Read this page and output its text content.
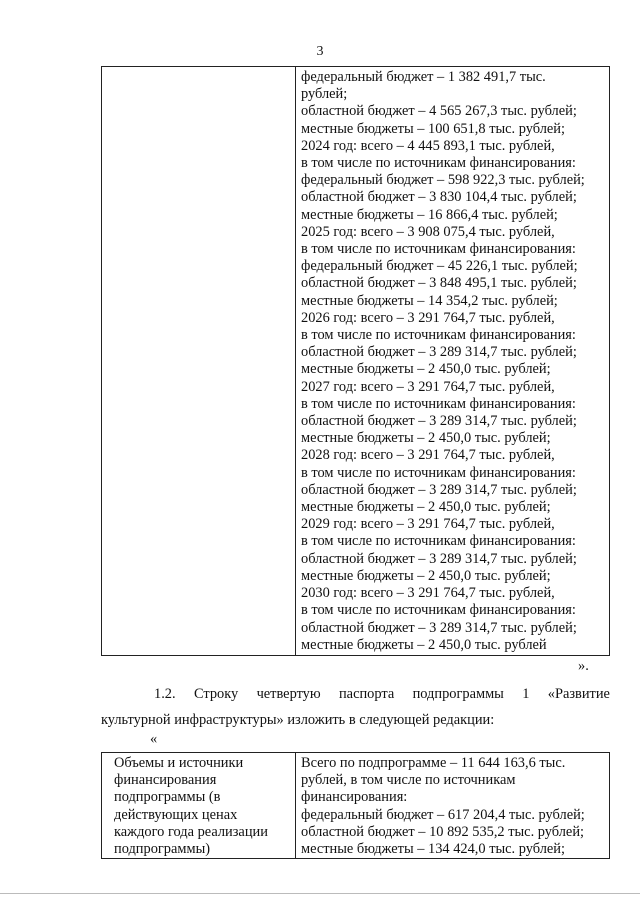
3

федеральный бюджет – 1 382 491,7 тыс.
рублей;
областной бюджет – 4 565 267,3 тыс. рублей;
местные бюджеты – 100 651,8 тыс. рублей;
2024 год: всего – 4 445 893,1 тыс. рублей,
в том числе по источникам финансирования:
федеральный бюджет – 598 922,3 тыс. рублей;
областной бюджет – 3 830 104,4 тыс. рублей;
местные бюджеты – 16 866,4 тыс. рублей;
2025 год: всего – 3 908 075,4 тыс. рублей,
в том числе по источникам финансирования:
федеральный бюджет – 45 226,1 тыс. рублей;
областной бюджет – 3 848 495,1 тыс. рублей;
местные бюджеты – 14 354,2 тыс. рублей;
2026 год: всего – 3 291 764,7 тыс. рублей,
в том числе по источникам финансирования:
областной бюджет – 3 289 314,7 тыс. рублей;
местные бюджеты – 2 450,0 тыс. рублей;
2027 год: всего – 3 291 764,7 тыс. рублей,
в том числе по источникам финансирования:
областной бюджет – 3 289 314,7 тыс. рублей;
местные бюджеты – 2 450,0 тыс. рублей;
2028 год: всего – 3 291 764,7 тыс. рублей,
в том числе по источникам финансирования:
областной бюджет – 3 289 314,7 тыс. рублей;
местные бюджеты – 2 450,0 тыс. рублей;
2029 год: всего – 3 291 764,7 тыс. рублей,
в том числе по источникам финансирования:
областной бюджет – 3 289 314,7 тыс. рублей;
местные бюджеты – 2 450,0 тыс. рублей;
2030 год: всего – 3 291 764,7 тыс. рублей,
в том числе по источникам финансирования:
областной бюджет – 3 289 314,7 тыс. рублей;
местные бюджеты – 2 450,0 тыс. рублей
».
1.2. Строку четвертую паспорта подпрограммы 1 «Развитие
культурной инфраструктуры» изложить в следующей редакции:
«
Объемы и источники
финансирования
подпрограммы (в
действующих ценах
каждого года реализации
подпрограммы)

Всего по подпрограмме – 11 644 163,6 тыс.
рублей, в том числе по источникам
финансирования:
федеральный бюджет – 617 204,4 тыс. рублей;
областной бюджет – 10 892 535,2 тыс. рублей;
местные бюджеты – 134 424,0 тыс. рублей;
